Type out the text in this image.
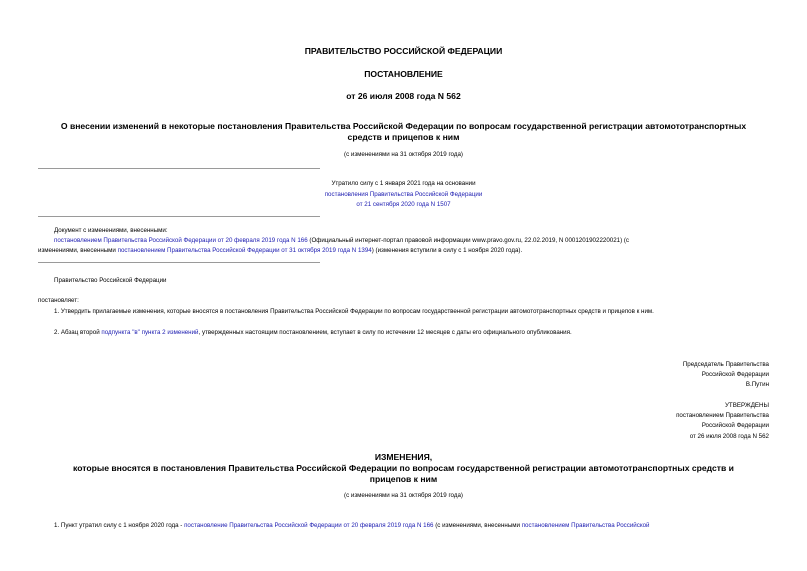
ПРАВИТЕЛЬСТВО РОССИЙСКОЙ ФЕДЕРАЦИИ
ПОСТАНОВЛЕНИЕ
от 26 июля 2008 года N 562
О внесении изменений в некоторые постановления Правительства Российской Федерации по вопросам государственной регистрации автомототранспортных
средств и прицепов к ним
(с изменениями на 31 октября 2019 года)
Утратило силу с 1 января 2021 года на основании
постановления Правительства Российской Федерации
от 21 сентября 2020 года N 1507
Документ с изменениями, внесенными:
постановлением Правительства Российской Федерации от 20 февраля 2019 года N 166 (Официальный интернет-портал правовой информации www.pravo.gov.ru, 22.02.2019, N 0001201902220021) (с
изменениями, внесенными постановлением Правительства Российской Федерации от 31 октября 2019 года N 1394) (изменения вступили в силу с 1 ноября 2020 года).
Правительство Российской Федерации
постановляет:
1. Утвердить прилагаемые изменения, которые вносятся в постановления Правительства Российской Федерации по вопросам государственной регистрации автомототранспортных средств и прицепов к ним.
2. Абзац второй подпункта "в" пункта 2 изменений, утвержденных настоящим постановлением, вступает в силу по истечении 12 месяцев с даты его официального опубликования.
Председатель Правительства
Российской Федерации
В.Путин
УТВЕРЖДЕНЫ
постановлением Правительства
Российской Федерации
от 26 июля 2008 года N 562
ИЗМЕНЕНИЯ,
которые вносятся в постановления Правительства Российской Федерации по вопросам государственной регистрации автомототранспортных средств и
прицепов к ним
(с изменениями на 31 октября 2019 года)
1. Пункт утратил силу с 1 ноября 2020 года - постановление Правительства Российской Федерации от 20 февраля 2019 года N 166 (с изменениями, внесенными постановлением Правительства Российской
